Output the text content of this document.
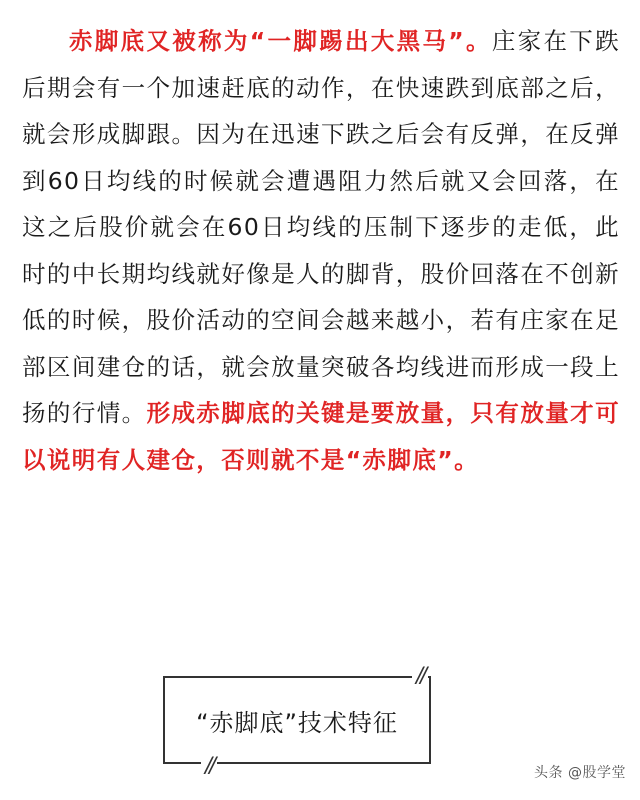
赤脚底又被称为“一脚踢出大黑马”。庄家在下跌后期会有一个加速赶底的动作，在快速跌到底部之后，就会形成脚跟。因为在迅速下跌之后会有反弹，在反弹到60日均线的时候就会遭遇阻力然后就又会回落，在这之后股价就会在60日均线的压制下逐步的走低，此时的中长期均线就好像是人的脚背，股价回落在不创新低的时候，股价活动的空间会越来越小，若有庄家在足部区间建仓的话，就会放量突破各均线进而形成一段上扬的行情。形成赤脚底的关键是要放量，只有放量才可以说明有人建仓，否则就不是“赤脚底”。
“赤脚底”技术特征
//
//	头条 @股学堂
